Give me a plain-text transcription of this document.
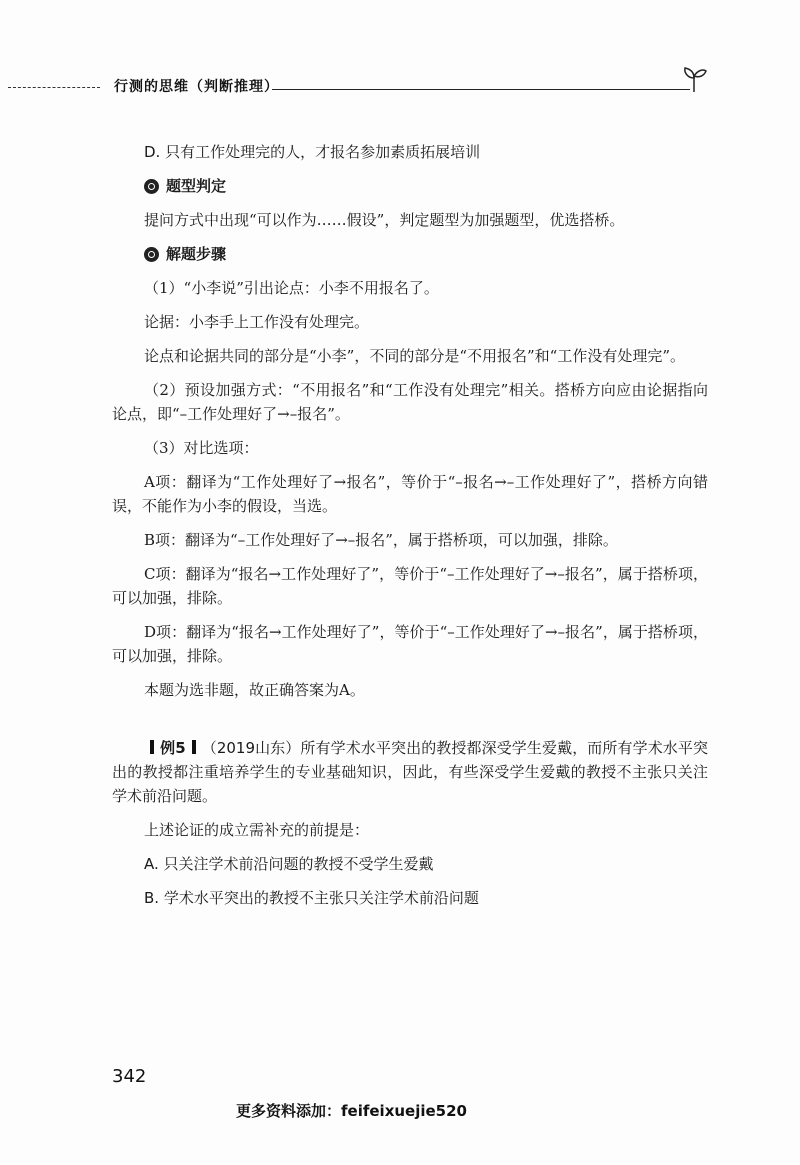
行测的思维（判断推理）

D. 只有工作处理完的人，才报名参加素质拓展培训

题型判定

提问方式中出现“可以作为……假设”，判定题型为加强题型，优选搭桥。

解题步骤

（1）“小李说”引出论点：小李不用报名了。

论据：小李手上工作没有处理完。

论点和论据共同的部分是“小李”，不同的部分是“不用报名”和“工作没有处理完”。

（2）预设加强方式：“不用报名”和“工作没有处理完”相关。搭桥方向应由论据指向论点，即“–工作处理好了→–报名”。

（3）对比选项：

A项：翻译为“工作处理好了→报名”，等价于“–报名→–工作处理好了”，搭桥方向错误，不能作为小李的假设，当选。

B项：翻译为“–工作处理好了→–报名”，属于搭桥项，可以加强，排除。

C项：翻译为“报名→工作处理好了”，等价于“–工作处理好了→–报名”，属于搭桥项，可以加强，排除。

D项：翻译为“报名→工作处理好了”，等价于“–工作处理好了→–报名”，属于搭桥项，可以加强，排除。

本题为选非题，故正确答案为A。

例5 （2019山东）所有学术水平突出的教授都深受学生爱戴，而所有学术水平突出的教授都注重培养学生的专业基础知识，因此，有些深受学生爱戴的教授不主张只关注学术前沿问题。

上述论证的成立需补充的前提是：

A. 只关注学术前沿问题的教授不受学生爱戴

B. 学术水平突出的教授不主张只关注学术前沿问题

342
更多资料添加：feifeixuejie520
